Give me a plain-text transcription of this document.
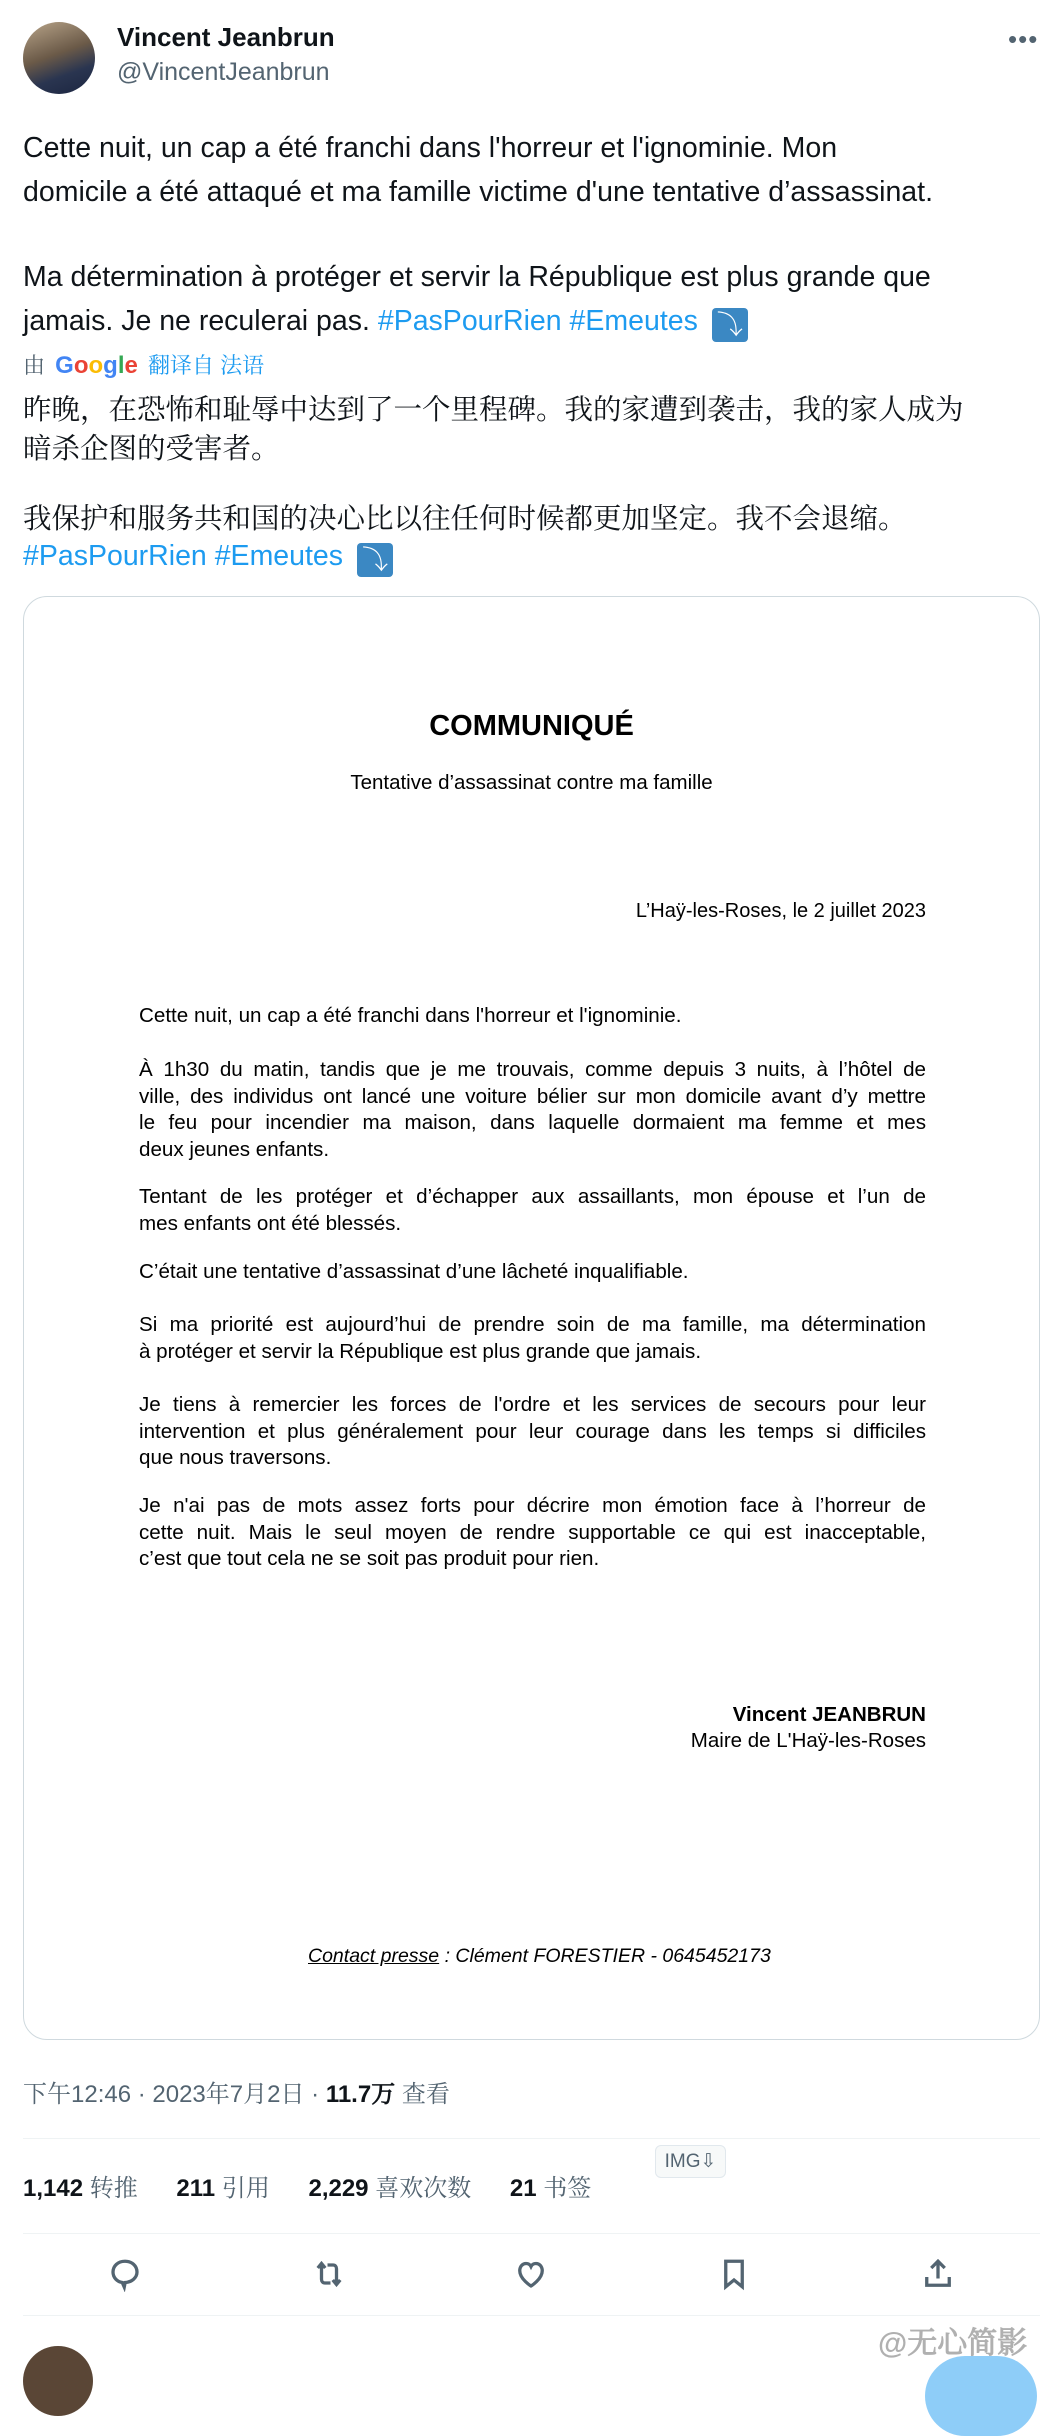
Vincent Jeanbrun
@VincentJeanbrun
•••
Cette nuit, un cap a été franchi dans l'horreur et l'ignominie. Mon
domicile a été attaqué et ma famille victime d'une tentative d’assassinat.
Ma détermination à protéger et servir la République est plus grande que
jamais. Je ne reculerai pas. #PasPourRien #Emeutes ⤵
由 Google 翻译自 法语
昨晚，在恐怖和耻辱中达到了一个里程碑。我的家遭到袭击，我的家人成为
暗杀企图的受害者。
我保护和服务共和国的决心比以往任何时候都更加坚定。我不会退缩。
#PasPourRien #Emeutes ⤵
COMMUNIQUÉ
Tentative d’assassinat contre ma famille
L’Haÿ-les-Roses, le 2 juillet 2023
Cette nuit, un cap a été franchi dans l'horreur et l'ignominie.
À 1h30 du matin, tandis que je me trouvais, comme depuis 3 nuits, à l’hôtel de
ville, des individus ont lancé une voiture bélier sur mon domicile avant d’y mettre
le feu pour incendier ma maison, dans laquelle dormaient ma femme et mes
deux jeunes enfants.
Tentant de les protéger et d’échapper aux assaillants, mon épouse et l’un de
mes enfants ont été blessés.
C’était une tentative d’assassinat d’une lâcheté inqualifiable.
Si ma priorité est aujourd’hui de prendre soin de ma famille, ma détermination
à protéger et servir la République est plus grande que jamais.
Je tiens à remercier les forces de l'ordre et les services de secours pour leur
intervention et plus généralement pour leur courage dans les temps si difficiles
que nous traversons.
Je n'ai pas de mots assez forts pour décrire mon émotion face à l’horreur de
cette nuit. Mais le seul moyen de rendre supportable ce qui est inacceptable,
c’est que tout cela ne se soit pas produit pour rien.
Vincent JEANBRUN
Maire de L'Haÿ-les-Roses
Contact presse : Clément FORESTIER - 0645452173
下午12:46 · 2023年7月2日 · 11.7万 查看
IMG⇩
1,142 转推 211 引用 2,229 喜欢次数 21 书签
@无心简影
